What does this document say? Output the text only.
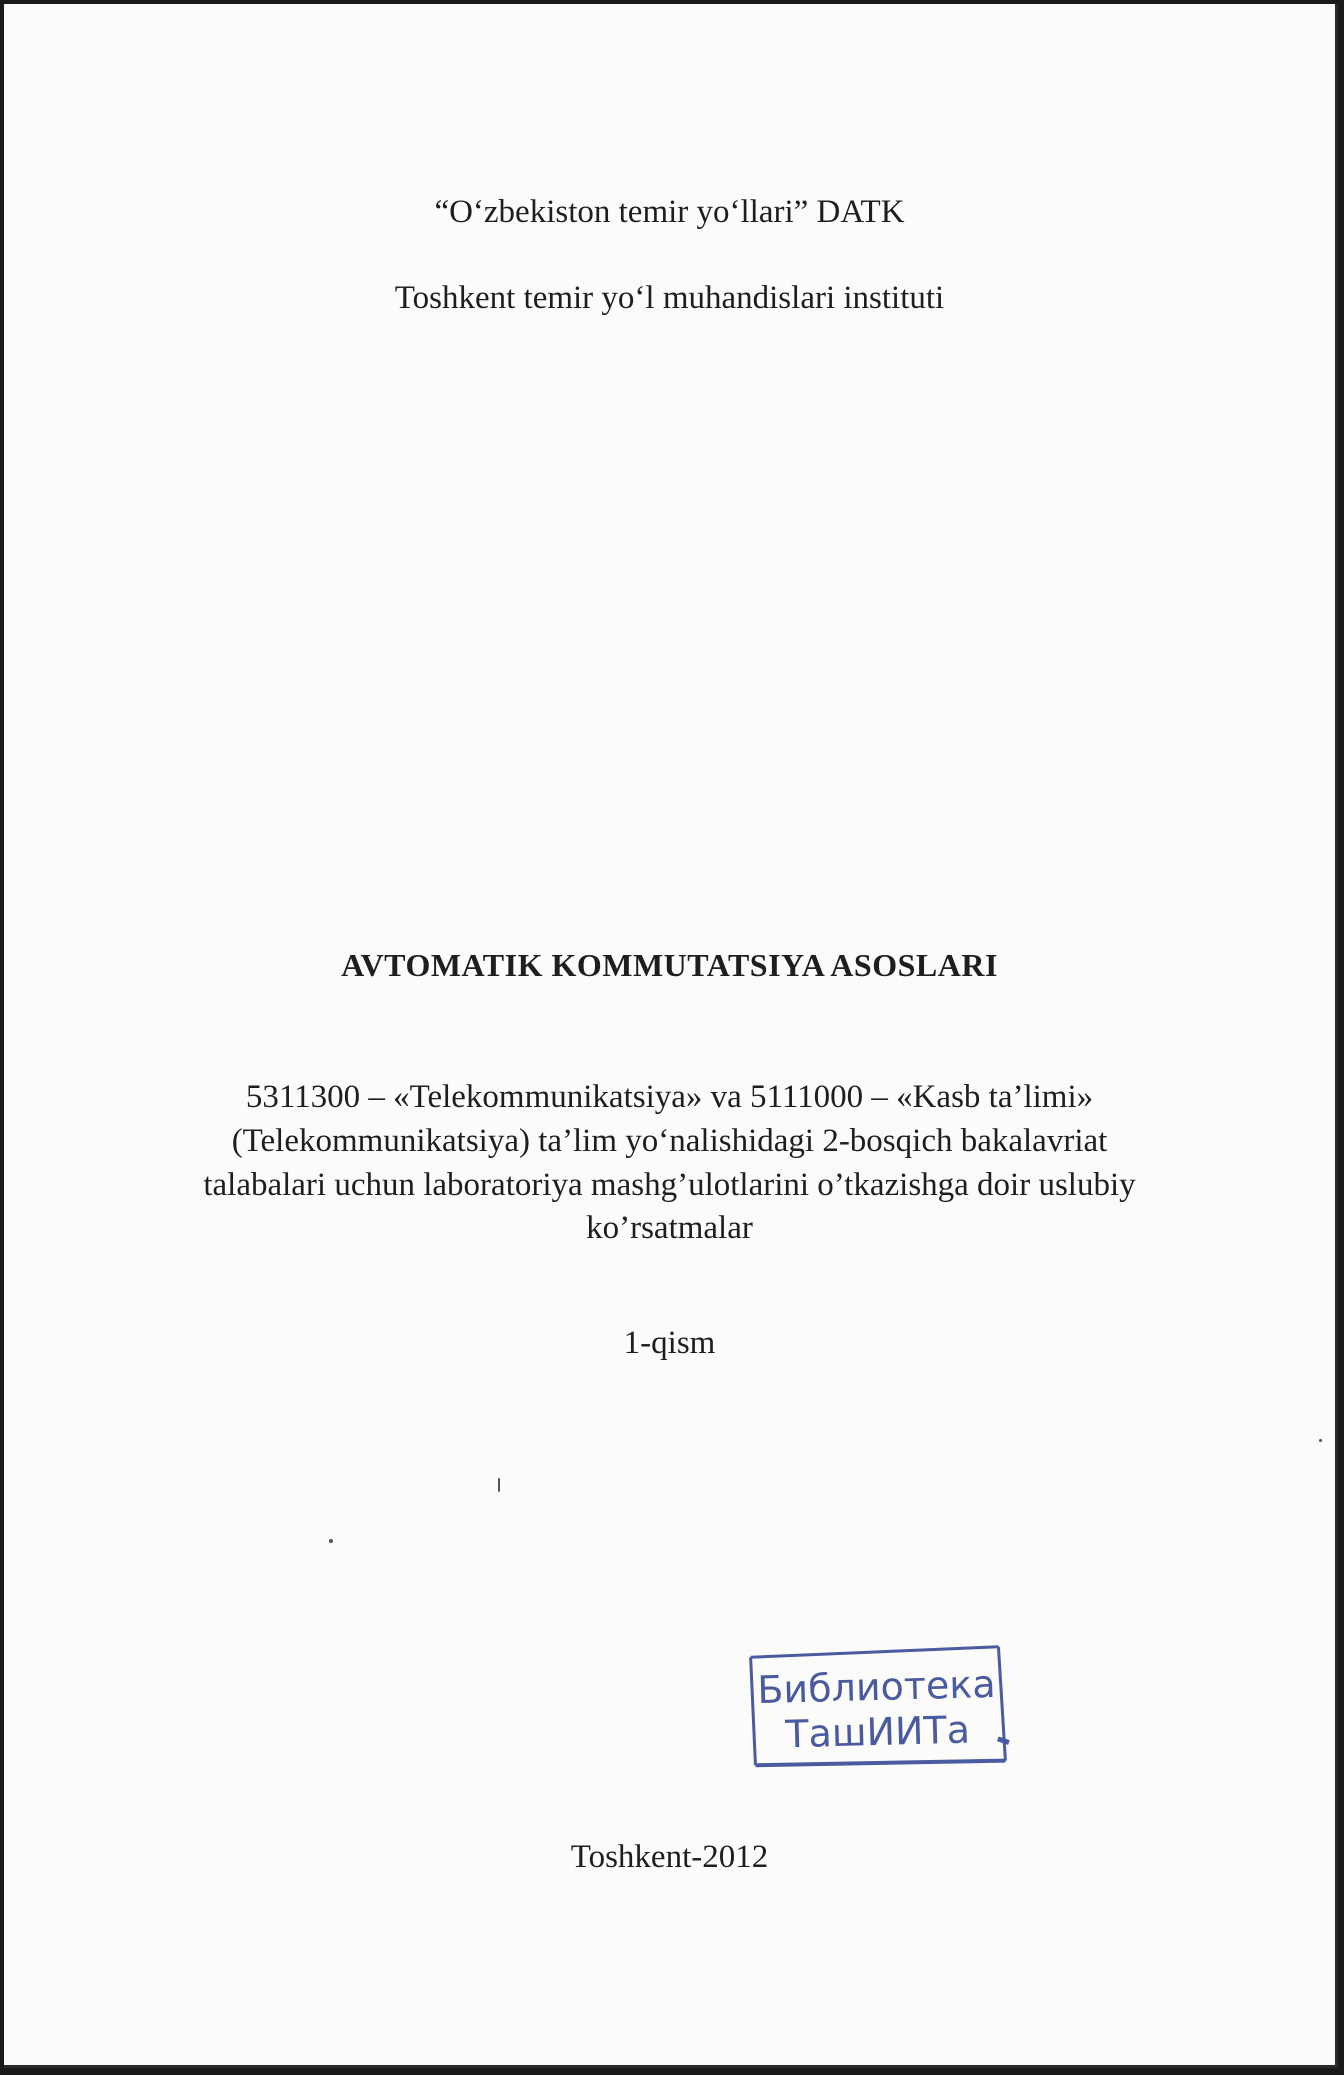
“O‘zbekiston temir yo‘llari” DATK
Toshkent temir yo‘l muhandislari instituti
AVTOMATIK KOMMUTATSIYA ASOSLARI
5311300 – «Telekommunikatsiya» va 5111000 – «Kasb ta’limi»
(Telekommunikatsiya) ta’lim yo‘nalishidagi 2-bosqich bakalavriat
talabalari uchun laboratoriya mashg’ulotlarini o’tkazishga doir uslubiy
ko’rsatmalar
1-qism
Библиотека
ТашИИТа
Toshkent-2012
